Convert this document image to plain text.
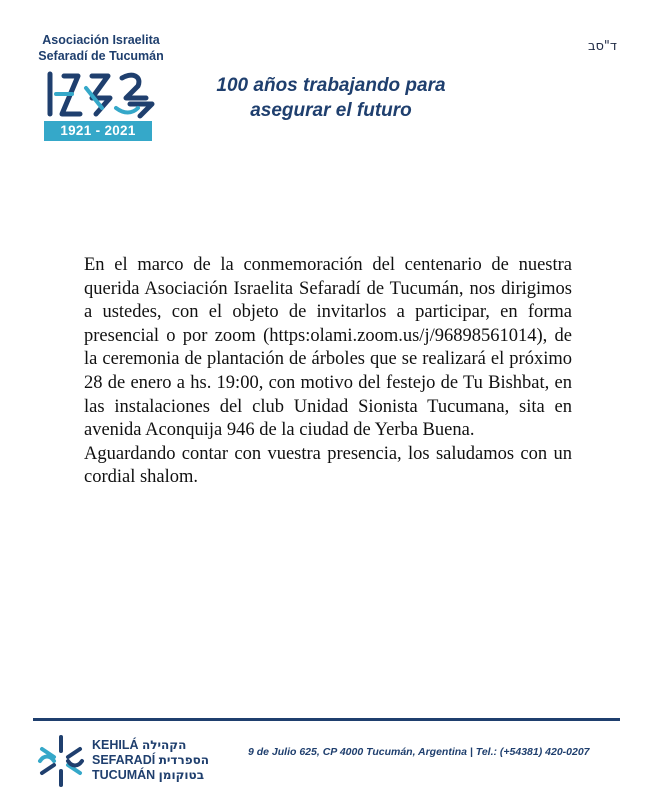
Asociación Israelita Sefaradí de Tucumán
1921 - 2021
100 años trabajando para asegurar el futuro
ד"סב

En el marco de la conmemoración del centenario de nuestra querida Asociación Israelita Sefaradí de Tucumán, nos dirigimos a ustedes, con el objeto de invitarlos a participar, en forma presencial o por zoom (https:olami.zoom.us/j/96898561014), de la ceremonia de plantación de árboles que se realizará el próximo 28 de enero a hs. 19:00, con motivo del festejo de Tu Bishbat, en las instalaciones del club Unidad Sionista Tucumana, sita en avenida Aconquija 946 de la ciudad de Yerba Buena.

Aguardando contar con vuestra presencia, los saludamos con un cordial shalom.

KEHILÁ הקהילה
SEFARADÍ הספרדית
TUCUMÁN בטוקומן
9 de Julio 625, CP 4000 Tucumán, Argentina | Tel.: (+54381) 420-0207
